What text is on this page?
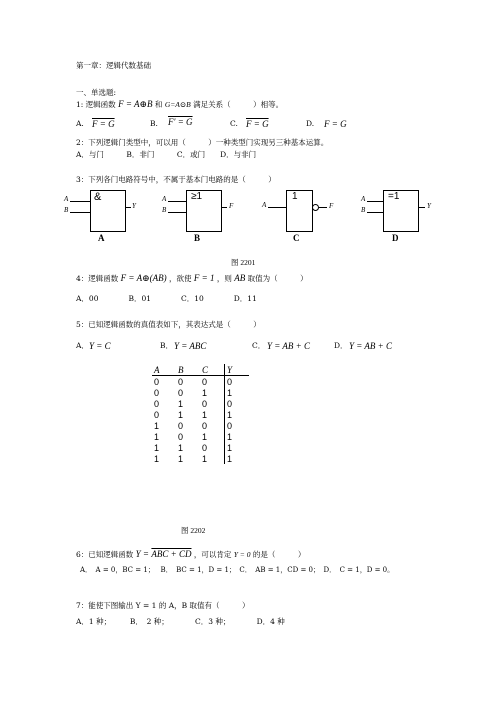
第一章：逻辑代数基础
一、单选题:
1: 逻辑函数 F = A⊕B 和 G=A⊙B 满足关系（　　　）相等。
A. F = G	B. F′ = G	C. F = G	D. F = G
2：下列逻辑门类型中，可以用（　　　）一种类型门实现另三种基本运算。
A．与门　　　B．非门　　　C．或门　　D．与非门
3：下列各门电路符号中，不属于基本门电路的是（　　　）
A
B
&
Y
A
A
B
≥1
F
B
A
1
F
C
A
B
=1
Y
D
图 2201
4：逻辑函数 F = A⊕(AB) ，欲使 F = 1 ，则 AB 取值为（　　　）
A．00　　　　B．01　　　　C．10　　　　D．11
5：已知逻辑函数的真值表如下，其表达式是（　　　）
A． Y = C	B． Y = ABC	C． Y = AB + C	D． Y = AB + C
A	B	C	Y
0	0	0	0
0	0	1	1
0	1	0	0
0	1	1	1
1	0	0	0
1	0	1	1
1	1	0	1
1	1	1	1
图 2202
6：已知逻辑函数 Y = ABC + CD ，可以肯定 Y = 0 的是（　　　）
A．　A = 0，BC = 1；　 B．　BC = 1，D = 1；　C．　AB = 1，CD = 0；　D．　C = 1，D = 0。
7：能使下图输出 Y = 1 的 A，B 取值有（　　　）
A．1 种；　　　B．　2 种；　　　　C．3 种；　　　　D．4 种
